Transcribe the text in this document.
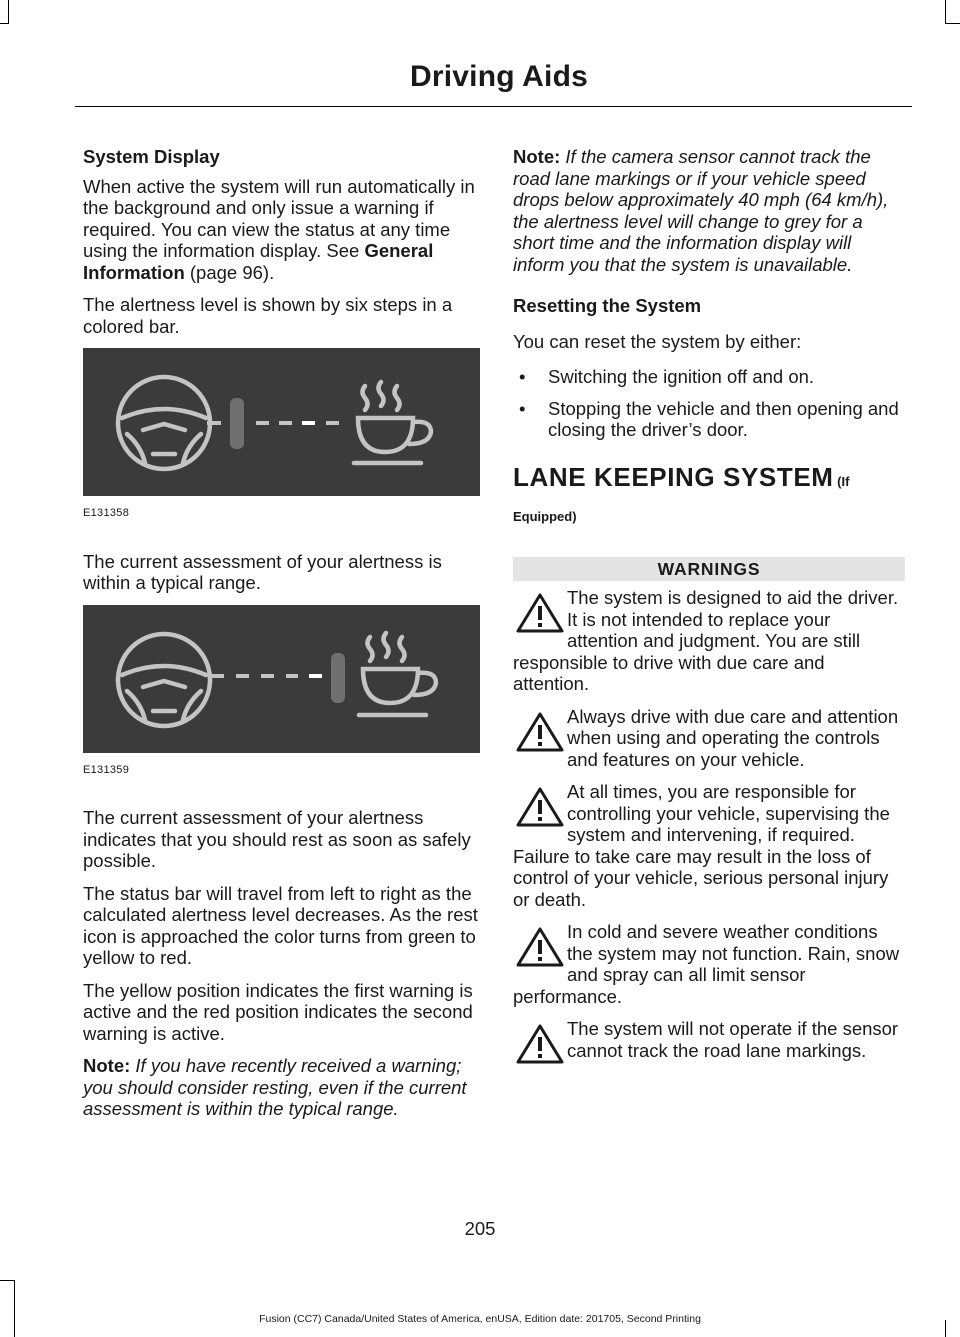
Driving Aids
System Display

When active the system will run automatically in the background and only issue a warning if required. You can view the status at any time using the information display. See General Information (page 96).

The alertness level is shown by six steps in a colored bar.

E131358

The current assessment of your alertness is within a typical range.

E131359

The current assessment of your alertness indicates that you should rest as soon as safely possible.

The status bar will travel from left to right as the calculated alertness level decreases. As the rest icon is approached the color turns from green to yellow to red.

The yellow position indicates the first warning is active and the red position indicates the second warning is active.

Note: If you have recently received a warning; you should consider resting, even if the current assessment is within the typical range.

Note: If the camera sensor cannot track the road lane markings or if your vehicle speed drops below approximately 40 mph (64 km/h), the alertness level will change to grey for a short time and the information display will inform you that the system is unavailable.

Resetting the System

You can reset the system by either:

• Switching the ignition off and on.
• Stopping the vehicle and then opening and closing the driver’s door.
LANE KEEPING SYSTEM (If
Equipped)
WARNINGS
The system is designed to aid the driver. It is not intended to replace your attention and judgment. You are still responsible to drive with due care and attention.
Always drive with due care and attention when using and operating the controls and features on your vehicle.
At all times, you are responsible for controlling your vehicle, supervising the system and intervening, if required. Failure to take care may result in the loss of control of your vehicle, serious personal injury or death.
In cold and severe weather conditions the system may not function. Rain, snow and spray can all limit sensor performance.
The system will not operate if the sensor cannot track the road lane markings.
205
Fusion (CC7) Canada/United States of America, enUSA, Edition date: 201705, Second Printing
